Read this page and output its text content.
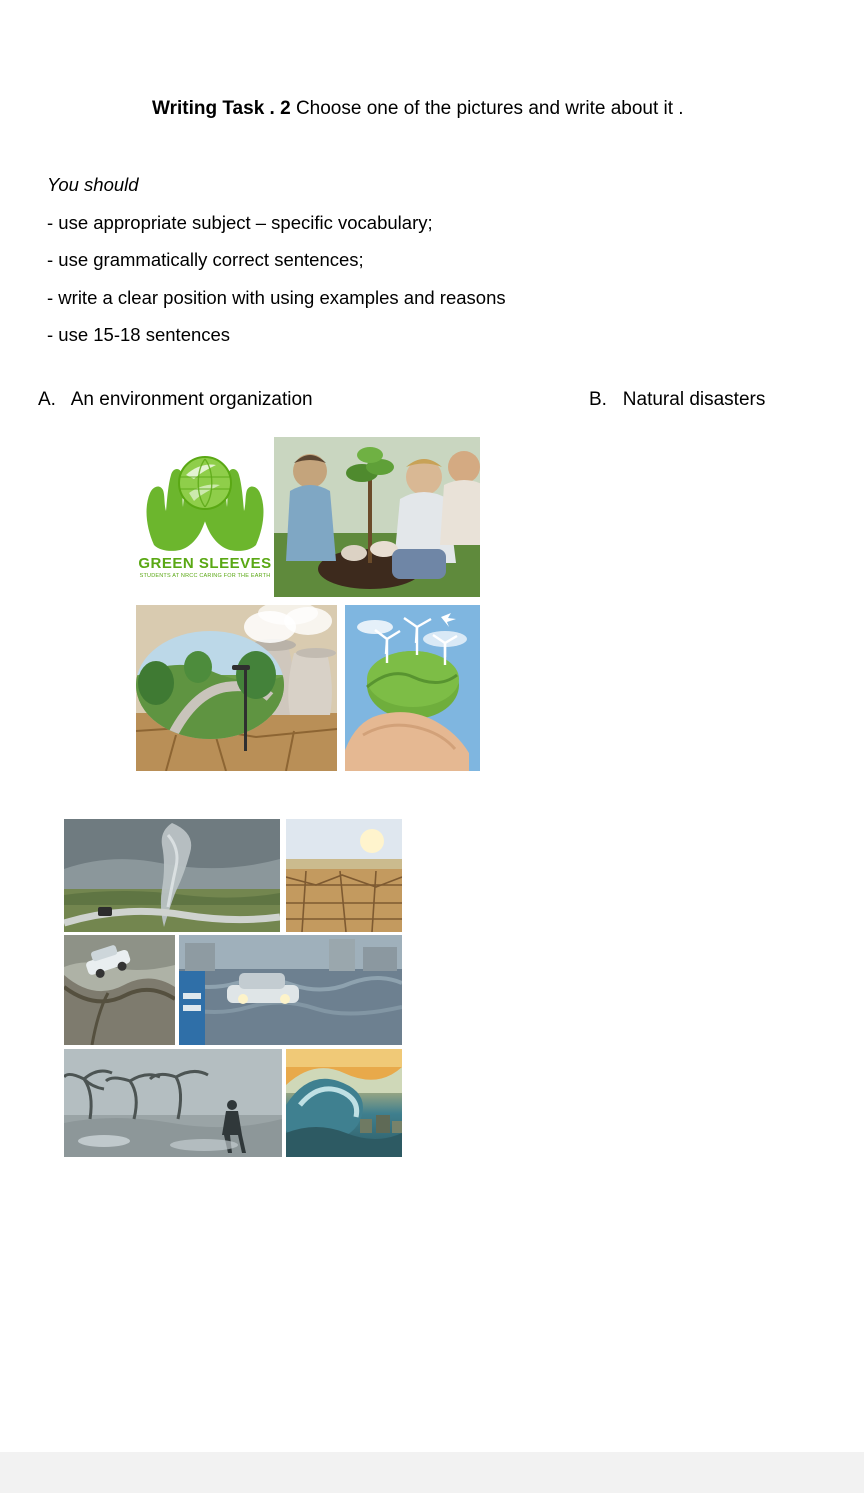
Writing Task . 2 Choose one of the pictures and write about it .
You should
- use appropriate subject – specific vocabulary;
- use grammatically correct sentences;
- write a clear position with using examples and reasons
- use 15-18 sentences
A. An environment organization	B. Natural disasters
GREEN SLEEVES
STUDENTS AT NRCC CARING FOR THE EARTH
